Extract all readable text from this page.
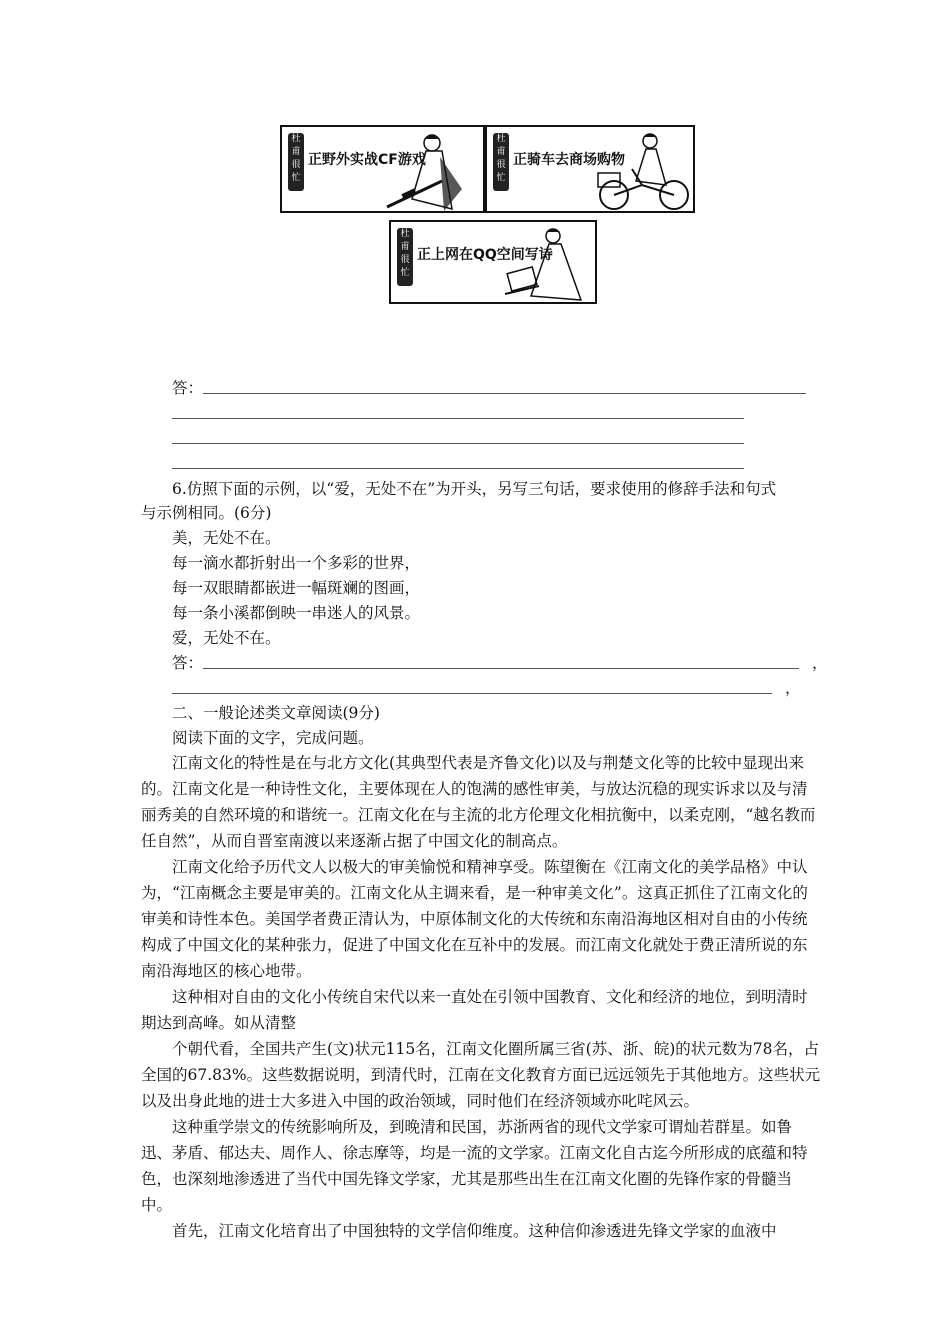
杜
甫
很
忙
正野外实战CF游戏
杜
甫
很
忙
正骑车去商场购物
杜
甫
很
忙
正上网在QQ空间写诗
答：
6.仿照下面的示例，以“爱，无处不在”为开头，另写三句话，要求使用的修辞手法和句式
与示例相同。(6分)
美，无处不在。
每一滴水都折射出一个多彩的世界，
每一双眼睛都嵌进一幅斑斓的图画，
每一条小溪都倒映一串迷人的风景。
爱，无处不在。
答：	，
，
二、一般论述类文章阅读(9分)
阅读下面的文字，完成问题。

江南文化的特性是在与北方文化(其典型代表是齐鲁文化)以及与荆楚文化等的比较中显现出来的。江南文化是一种诗性文化，主要体现在人的饱满的感性审美，与放达沉稳的现实诉求以及与清丽秀美的自然环境的和谐统一。江南文化在与主流的北方伦理文化相抗衡中，以柔克刚，“越名教而任自然”，从而自晋室南渡以来逐渐占据了中国文化的制高点。

江南文化给予历代文人以极大的审美愉悦和精神享受。陈望衡在《江南文化的美学品格》中认为，“江南概念主要是审美的。江南文化从主调来看，是一种审美文化”。这真正抓住了江南文化的审美和诗性本色。美国学者费正清认为，中原体制文化的大传统和东南沿海地区相对自由的小传统构成了中国文化的某种张力，促进了中国文化在互补中的发展。而江南文化就处于费正清所说的东南沿海地区的核心地带。

这种相对自由的文化小传统自宋代以来一直处在引领中国教育、文化和经济的地位，到明清时期达到高峰。如从清整

个朝代看，全国共产生(文)状元115名，江南文化圈所属三省(苏、浙、皖)的状元数为78名，占全国的67.83%。这些数据说明，到清代时，江南在文化教育方面已远远领先于其他地方。这些状元以及出身此地的进士大多进入中国的政治领域，同时他们在经济领域亦叱咤风云。

这种重学崇文的传统影响所及，到晚清和民国，苏浙两省的现代文学家可谓灿若群星。如鲁迅、茅盾、郁达夫、周作人、徐志摩等，均是一流的文学家。江南文化自古迄今所形成的底蕴和特色，也深刻地渗透进了当代中国先锋文学家，尤其是那些出生在江南文化圈的先锋作家的骨髓当中。

首先，江南文化培育出了中国独特的文学信仰维度。这种信仰渗透进先锋文学家的血液中
